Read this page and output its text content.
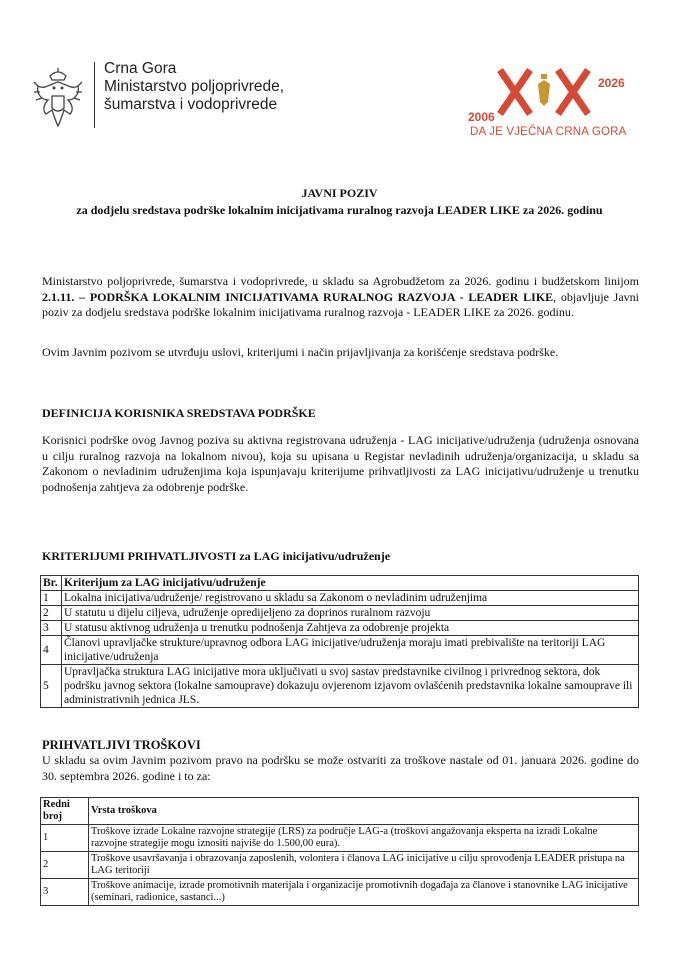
Crna Gora
Ministarstvo poljoprivrede,
šumarstva i vodoprivrede
2006
2026
DA JE VJEČNA CRNA GORA
JAVNI POZIV
za dodjelu sredstava podrške lokalnim inicijativama ruralnog razvoja LEADER LIKE za 2026. godinu
Ministarstvo poljoprivrede, šumarstva i vodoprivrede, u skladu sa Agrobudžetom za 2026. godinu i budžetskom linijom 2.1.11. – PODRŠKA LOKALNIM INICIJATIVAMA RURALNOG RAZVOJA - LEADER LIKE, objavljuje Javni poziv za dodjelu sredstava podrške lokalnim inicijativama ruralnog razvoja - LEADER LIKE za 2026. godinu.
Ovim Javnim pozivom se utvrđuju uslovi, kriterijumi i način prijavljivanja za korišćenje sredstava podrške.
DEFINICIJA KORISNIKA SREDSTAVA PODRŠKE
Korisnici podrške ovog Javnog poziva su aktivna registrovana udruženja - LAG inicijative/udruženja (udruženja osnovana u cilju ruralnog razvoja na lokalnom nivou), koja su upisana u Registar nevladinih udruženja/organizacija, u skladu sa Zakonom o nevladinim udruženjima koja ispunjavaju kriterijume prihvatljivosti za LAG inicijativu/udruženje u trenutku podnošenja zahtjeva za odobrenje podrške.
KRITERIJUMI PRIHVATLJIVOSTI za LAG inicijativu/udruženje
Br.	Kriterijum za LAG inicijativu/udruženje
1	Lokalna inicijativa/udruženje/ registrovano u skladu sa Zakonom o nevladinim udruženjima
2	U statutu u dijelu ciljeva, udruženje opredijeljeno za doprinos ruralnom razvoju
3	U statusu aktivnog udruženja u trenutku podnošenja Zahtjeva za odobrenje projekta
4	Članovi upravljačke strukture/upravnog odbora LAG inicijative/udruženja moraju imati prebivalište na teritoriji LAG inicijative/udruženja
5	Upravljačka struktura LAG inicijative mora uključivati u svoj sastav predstavnike civilnog i privrednog sektora, dok podršku javnog sektora (lokalne samouprave) dokazuju ovjerenom izjavom ovlašćenih predstavnika lokalne samouprave ili administrativnih jednica JLS.
PRIHVATLJIVI TROŠKOVI
U skladu sa ovim Javnim pozivom pravo na podršku se može ostvariti za troškove nastale od 01. januara 2026. godine do 30. septembra 2026. godine i to za:
Redni broj	Vrsta troškova
1	Troškove izrade Lokalne razvojne strategije (LRS) za područje LAG-a (troškovi angažovanja eksperta na izradi Lokalne razvojne strategije mogu iznositi najviše do 1.500,00 eura).
2	Troškove usavršavanja i obrazovanja zaposlenih, volontera i članova LAG inicijative u cilju sprovođenja LEADER pristupa na LAG teritoriji
3	Troškove animacije, izrade promotivnih materijala i organizacije promotivnih događaja za članove i stanovnike LAG inicijative (seminari, radionice, sastanci...)
